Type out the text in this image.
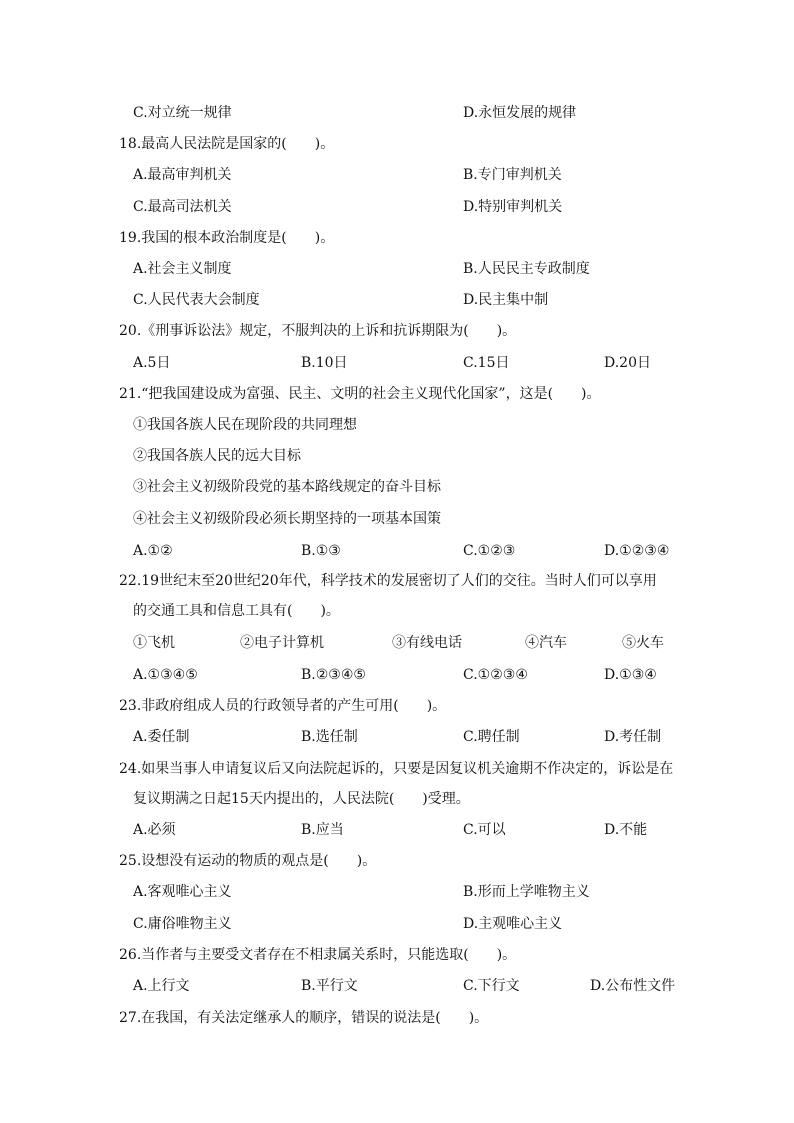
C.对立统一规律	D.永恒发展的规律
18.最高人民法院是国家的(　　)。
A.最高审判机关	B.专门审判机关
C.最高司法机关	D.特别审判机关
19.我国的根本政治制度是(　　)。
A.社会主义制度	B.人民民主专政制度
C.人民代表大会制度	D.民主集中制
20.《刑事诉讼法》规定，不服判决的上诉和抗诉期限为(　　)。
A.5日	B.10日	C.15日	D.20日
21.“把我国建设成为富强、民主、文明的社会主义现代化国家”，这是(　　)。
①我国各族人民在现阶段的共同理想
②我国各族人民的远大目标
③社会主义初级阶段党的基本路线规定的奋斗目标
④社会主义初级阶段必须长期坚持的一项基本国策
A.①②	B.①③	C.①②③	D.①②③④
22.19世纪末至20世纪20年代，科学技术的发展密切了人们的交往。当时人们可以享用
的交通工具和信息工具有(　　)。
①飞机	②电子计算机	③有线电话	④汽车	⑤火车
A.①③④⑤	B.②③④⑤	C.①②③④	D.①③④
23.非政府组成人员的行政领导者的产生可用(　　)。
A.委任制	B.选任制	C.聘任制	D.考任制
24.如果当事人申请复议后又向法院起诉的，只要是因复议机关逾期不作决定的，诉讼是在
复议期满之日起15天内提出的，人民法院(　　)受理。
A.必须	B.应当	C.可以	D.不能
25.设想没有运动的物质的观点是(　　)。
A.客观唯心主义	B.形而上学唯物主义
C.庸俗唯物主义	D.主观唯心主义
26.当作者与主要受文者存在不相隶属关系时，只能选取(　　)。
A.上行文	B.平行文	C.下行文	D.公布性文件
27.在我国，有关法定继承人的顺序，错误的说法是(　　)。
